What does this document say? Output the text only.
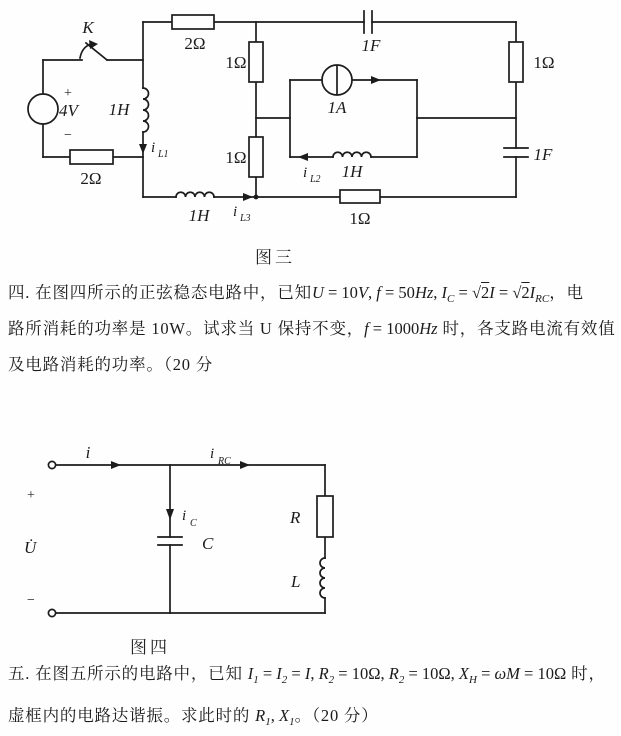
K
2Ω	1F
1Ω	1Ω
+
4V
−
1H
i L1
1A
2Ω
1Ω
i L2 1H
1F
1H i L3	1Ω
图三
四. 在图四所示的正弦稳态电路中，已知U = 10V, f = 50Hz, $I_C = √2I = √2I_{RC}$，电
路所消耗的功率是 10W。试求当 U 保持不变，f = 1000Hz 时，各支路电流有效值
及电路消耗的功率。（20 分
i	i RC
+
U̇
−
i C
C
R
L
图四
五. 在图五所示的电路中，已知 $I_1 = I_2 = I$, $R_2 = 10\Omega$, $R_2 = 10\Omega$, $X_H = \omega M = 10\Omega$ 时，
虚框内的电路达谐振。求此时的 $R_1$, $X_1$。（20 分）
